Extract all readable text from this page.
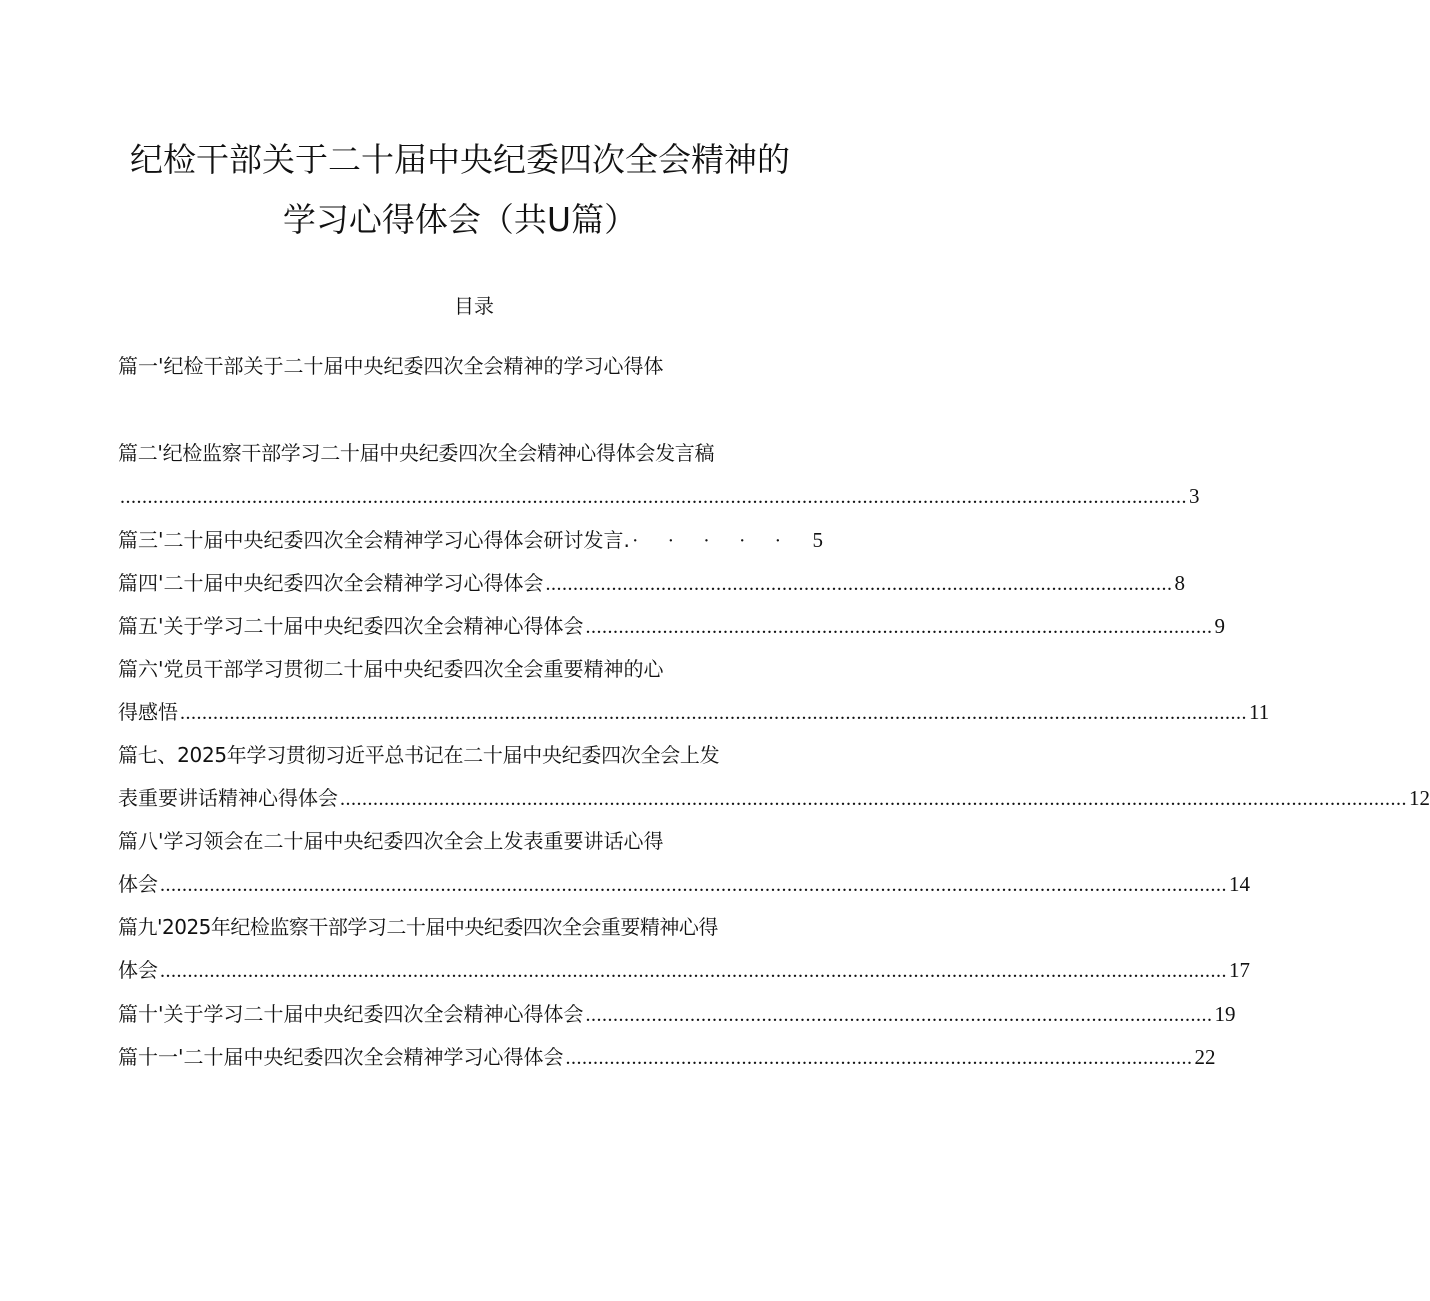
纪检干部关于二十届中央纪委四次全会精神的
学习心得体会（共U篇）
目录
篇一'纪检干部关于二十届中央纪委四次全会精神的学习心得体
篇二'纪检监察干部学习二十届中央纪委四次全会精神心得体会发言稿
.................................................................................................................................................................................................. 3
篇三'二十届中央纪委四次全会精神学习心得体会研讨发言. · · · · · 5
篇四'二十届中央纪委四次全会精神学习心得体会 .................................................................................................................. 8
篇五'关于学习二十届中央纪委四次全会精神心得体会 .................................................................................................................. 9
篇六'党员干部学习贯彻二十届中央纪委四次全会重要精神的心
得感悟 .................................................................................................................................................................................................. 11
篇七、2025年学习贯彻习近平总书记在二十届中央纪委四次全会上发
表重要讲话精神心得体会 .................................................................................................................................................................................................. 12
篇八'学习领会在二十届中央纪委四次全会上发表重要讲话心得
体会 .................................................................................................................................................................................................. 14
篇九'2025年纪检监察干部学习二十届中央纪委四次全会重要精神心得
体会 .................................................................................................................................................................................................. 17
篇十'关于学习二十届中央纪委四次全会精神心得体会 .................................................................................................................. 19
篇十一'二十届中央纪委四次全会精神学习心得体会 .................................................................................................................. 22
